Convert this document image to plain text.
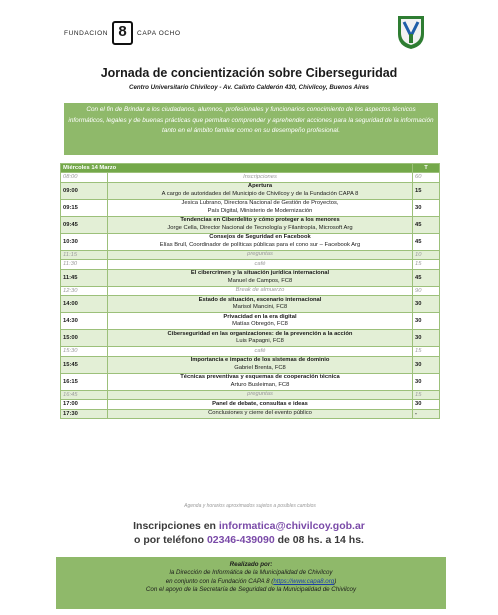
FUNDACION 8	CAPA OCHO
Jornada de concientización sobre Ciberseguridad
Centro Universitario Chivilcoy - Av. Calixto Calderón 430, Chivilcoy, Buenos Aires
Con el fin de Brindar a los ciudadanos, alumnos, profesionales y funcionarios conocimiento de los aspectos técnicos informáticos, legales y de buenas prácticas que permitan comprender y aprehender acciones para la seguridad de la información tanto en el ámbito familiar como en su desempeño profesional.
Miércoles 14 Marzo		T
08:00	Inscripciones	60
09:00	Apertura
A cargo de autoridades del Municipio de Chivilcoy y de la Fundación CAPA 8	15
09:15	Jesica Lubrano, Directora Nacional de Gestión de Proyectos,
País Digital, Ministerio de Modernización	30
09:45	Tendencias en Ciberdelito y cómo proteger a los menores
Jorge Cella, Director Nacional de Tecnología y Filantropía, Microsoft Arg	45
10:30	Consejos de Seguridad en Facebook
Elías Brull, Coordinador de políticas públicas para el cono sur – Facebook Arg	45
11:15	preguntas	10
11:30	café	15
11:45	El cibercrimen y la situación jurídica internacional
Manuel de Campos, FC8	45
12:30	Break de almuerzo	90
14:00	Estado de situación, escenario internacional
Marisol Mancini, FC8	30
14:30	Privacidad en la era digital
Matías Obregón, FC8	30
15:00	Ciberseguridad en las organizaciones: de la prevención a la acción
Luis Papagni, FC8	30
15:30	café	15
15:45	Importancia e impacto de los sistemas de dominio
Gabriel Brenta, FC8	30
16:15	Técnicas preventivas y esquemas de cooperación técnica
Arturo Busleiman, FC8	30
16:45	preguntas	15
17:00	Panel de debate, consultas e ideas	30
17:30	Conclusiones y cierre del evento público	-
Agenda y horarios aproximados sujetos a posibles cambios
Inscripciones en informatica@chivilcoy.gob.ar
o por teléfono 02346-439090 de 08 hs. a 14 hs.
Realizado por:
la Dirección de Informática de la Municipalidad de Chivilcoy
en conjunto con la Fundación CAPA 8 (https://www.capa8.org)
Con el apoyo de la Secretaría de Seguridad de la Municipalidad de Chivilcoy
